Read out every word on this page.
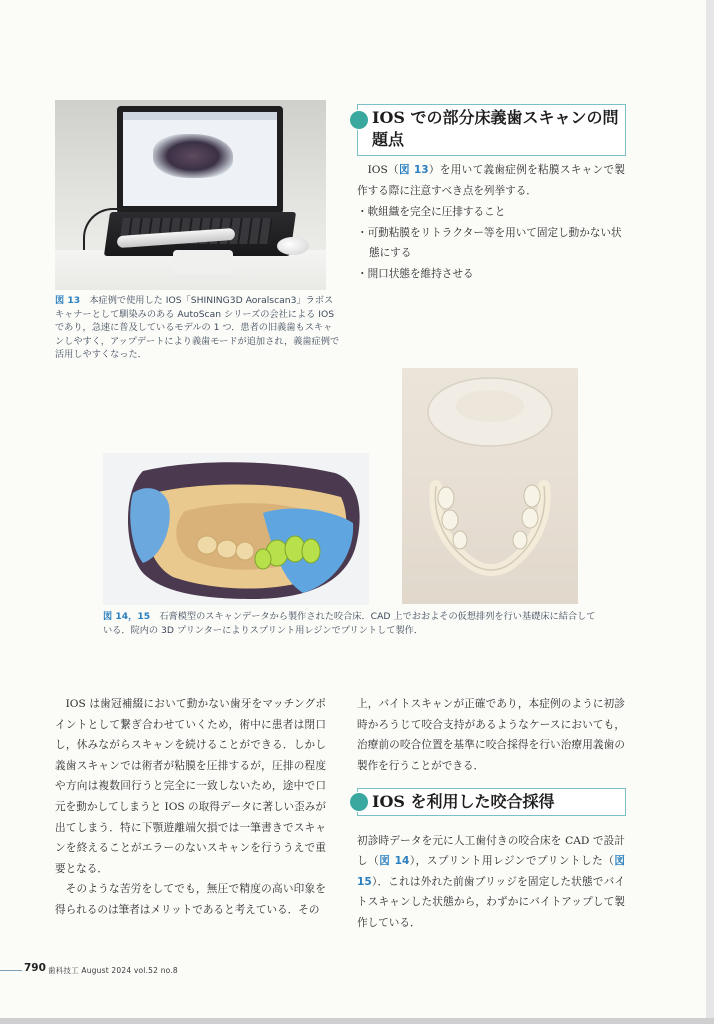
図 13　 本症例で使用した IOS「SHINING3D Aoralscan3」ラボスキャナーとして馴染みのある AutoScan シリーズの会社による IOS であり，急速に普及しているモデルの 1 つ．患者の旧義歯もスキャンしやすく，アップデートにより義歯モードが追加され，義歯症例で活用しやすくなった．

IOS での部分床義歯スキャンの問題点

IOS（図 13）を用いて義歯症例を粘膜スキャンで製作する際に注意すべき点を列挙する．

・軟組織を完全に圧排すること
・可動粘膜をリトラクター等を用いて固定し動かない状態にする
・開口状態を維持させる

図 14，15　 石膏模型のスキャンデータから製作された咬合床．CAD 上でおおよその仮想排列を行い基礎床に結合している．院内の 3D プリンターによりスプリント用レジンでプリントして製作．

IOS は歯冠補綴において動かない歯牙をマッチングポイントとして繋ぎ合わせていくため，術中に患者は閉口し，休みながらスキャンを続けることができる．しかし義歯スキャンでは術者が粘膜を圧排するが，圧排の程度や方向は複数回行うと完全に一致しないため，途中で口元を動かしてしまうと IOS の取得データに著しい歪みが出てしまう．特に下顎遊離端欠損では一筆書きでスキャンを終えることがエラーのないスキャンを行ううえで重要となる．

そのような苦労をしてでも，無圧で精度の高い印象を得られるのは筆者はメリットであると考えている．その

上，バイトスキャンが正確であり，本症例のように初診時かろうじて咬合支持があるようなケースにおいても，治療前の咬合位置を基準に咬合採得を行い治療用義歯の製作を行うことができる．

IOS を利用した咬合採得

初診時データを元に人工歯付きの咬合床を CAD で設計し（図 14），スプリント用レジンでプリントした（図 15）．これは外れた前歯ブリッジを固定した状態でバイトスキャンした状態から，わずかにバイトアップして製作している．

790 歯科技工 August 2024 vol.52 no.8
